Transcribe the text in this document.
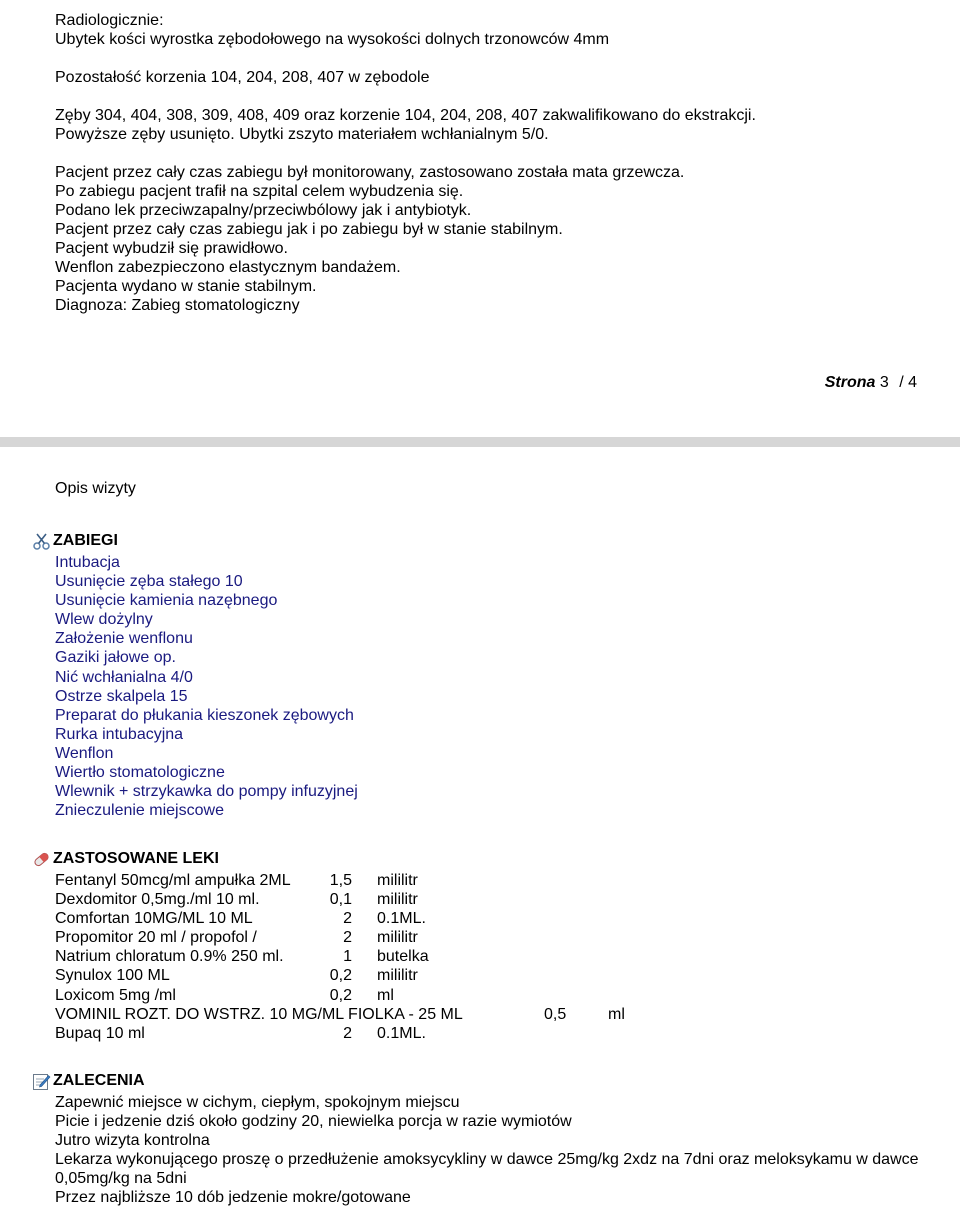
Radiologicznie:
Ubytek kości wyrostka zębodołowego na wysokości dolnych trzonowców 4mm
Pozostałość korzenia 104, 204, 208, 407 w zębodole
Zęby 304, 404, 308, 309, 408, 409 oraz korzenie 104, 204, 208, 407 zakwalifikowano do ekstrakcji.
Powyższe zęby usunięto. Ubytki zszyto materiałem wchłanialnym 5/0.
Pacjent przez cały czas zabiegu był monitorowany, zastosowano została mata grzewcza.
Po zabiegu pacjent trafił na szpital celem wybudzenia się.
Podano lek przeciwzapalny/przeciwbólowy jak i antybiotyk.
Pacjent przez cały czas zabiegu jak i po zabiegu był w stanie stabilnym.
Pacjent wybudził się prawidłowo.
Wenflon zabezpieczono elastycznym bandażem.
Pacjenta wydano w stanie stabilnym.
Diagnoza: Zabieg stomatologiczny
Strona 3 / 4
Opis wizyty
ZABIEGI
Intubacja
Usunięcie zęba stałego 10
Usunięcie kamienia nazębnego
Wlew dożylny
Założenie wenflonu
Gaziki jałowe op.
Nić wchłanialna 4/0
Ostrze skalpela 15
Preparat do płukania kieszonek zębowych
Rurka intubacyjna
Wenflon
Wiertło stomatologiczne
Wlewnik + strzykawka do pompy infuzyjnej
Znieczulenie miejscowe
ZASTOSOWANE LEKI
Fentanyl 50mcg/ml ampułka 2ML	1,5 mililitr
Dexdomitor 0,5mg./ml 10 ml.	0,1 mililitr
Comfortan 10MG/ML 10 ML	2 0.1ML.
Propomitor 20 ml / propofol /	2 mililitr
Natrium chloratum 0.9% 250 ml.	1 butelka
Synulox 100 ML	0,2 mililitr
Loxicom 5mg /ml	0,2 ml
VOMINIL ROZT. DO WSTRZ. 10 MG/ML FIOLKA - 25 ML	0,5	ml
Bupaq 10 ml	2 0.1ML.
ZALECENIA
Zapewnić miejsce w cichym, ciepłym, spokojnym miejscu
Picie i jedzenie dziś około godziny 20, niewielka porcja w razie wymiotów
Jutro wizyta kontrolna
Lekarza wykonującego proszę o przedłużenie amoksycykliny w dawce 25mg/kg 2xdz na 7dni oraz meloksykamu w dawce 0,05mg/kg na 5dni
Przez najbliższe 10 dób jedzenie mokre/gotowane
